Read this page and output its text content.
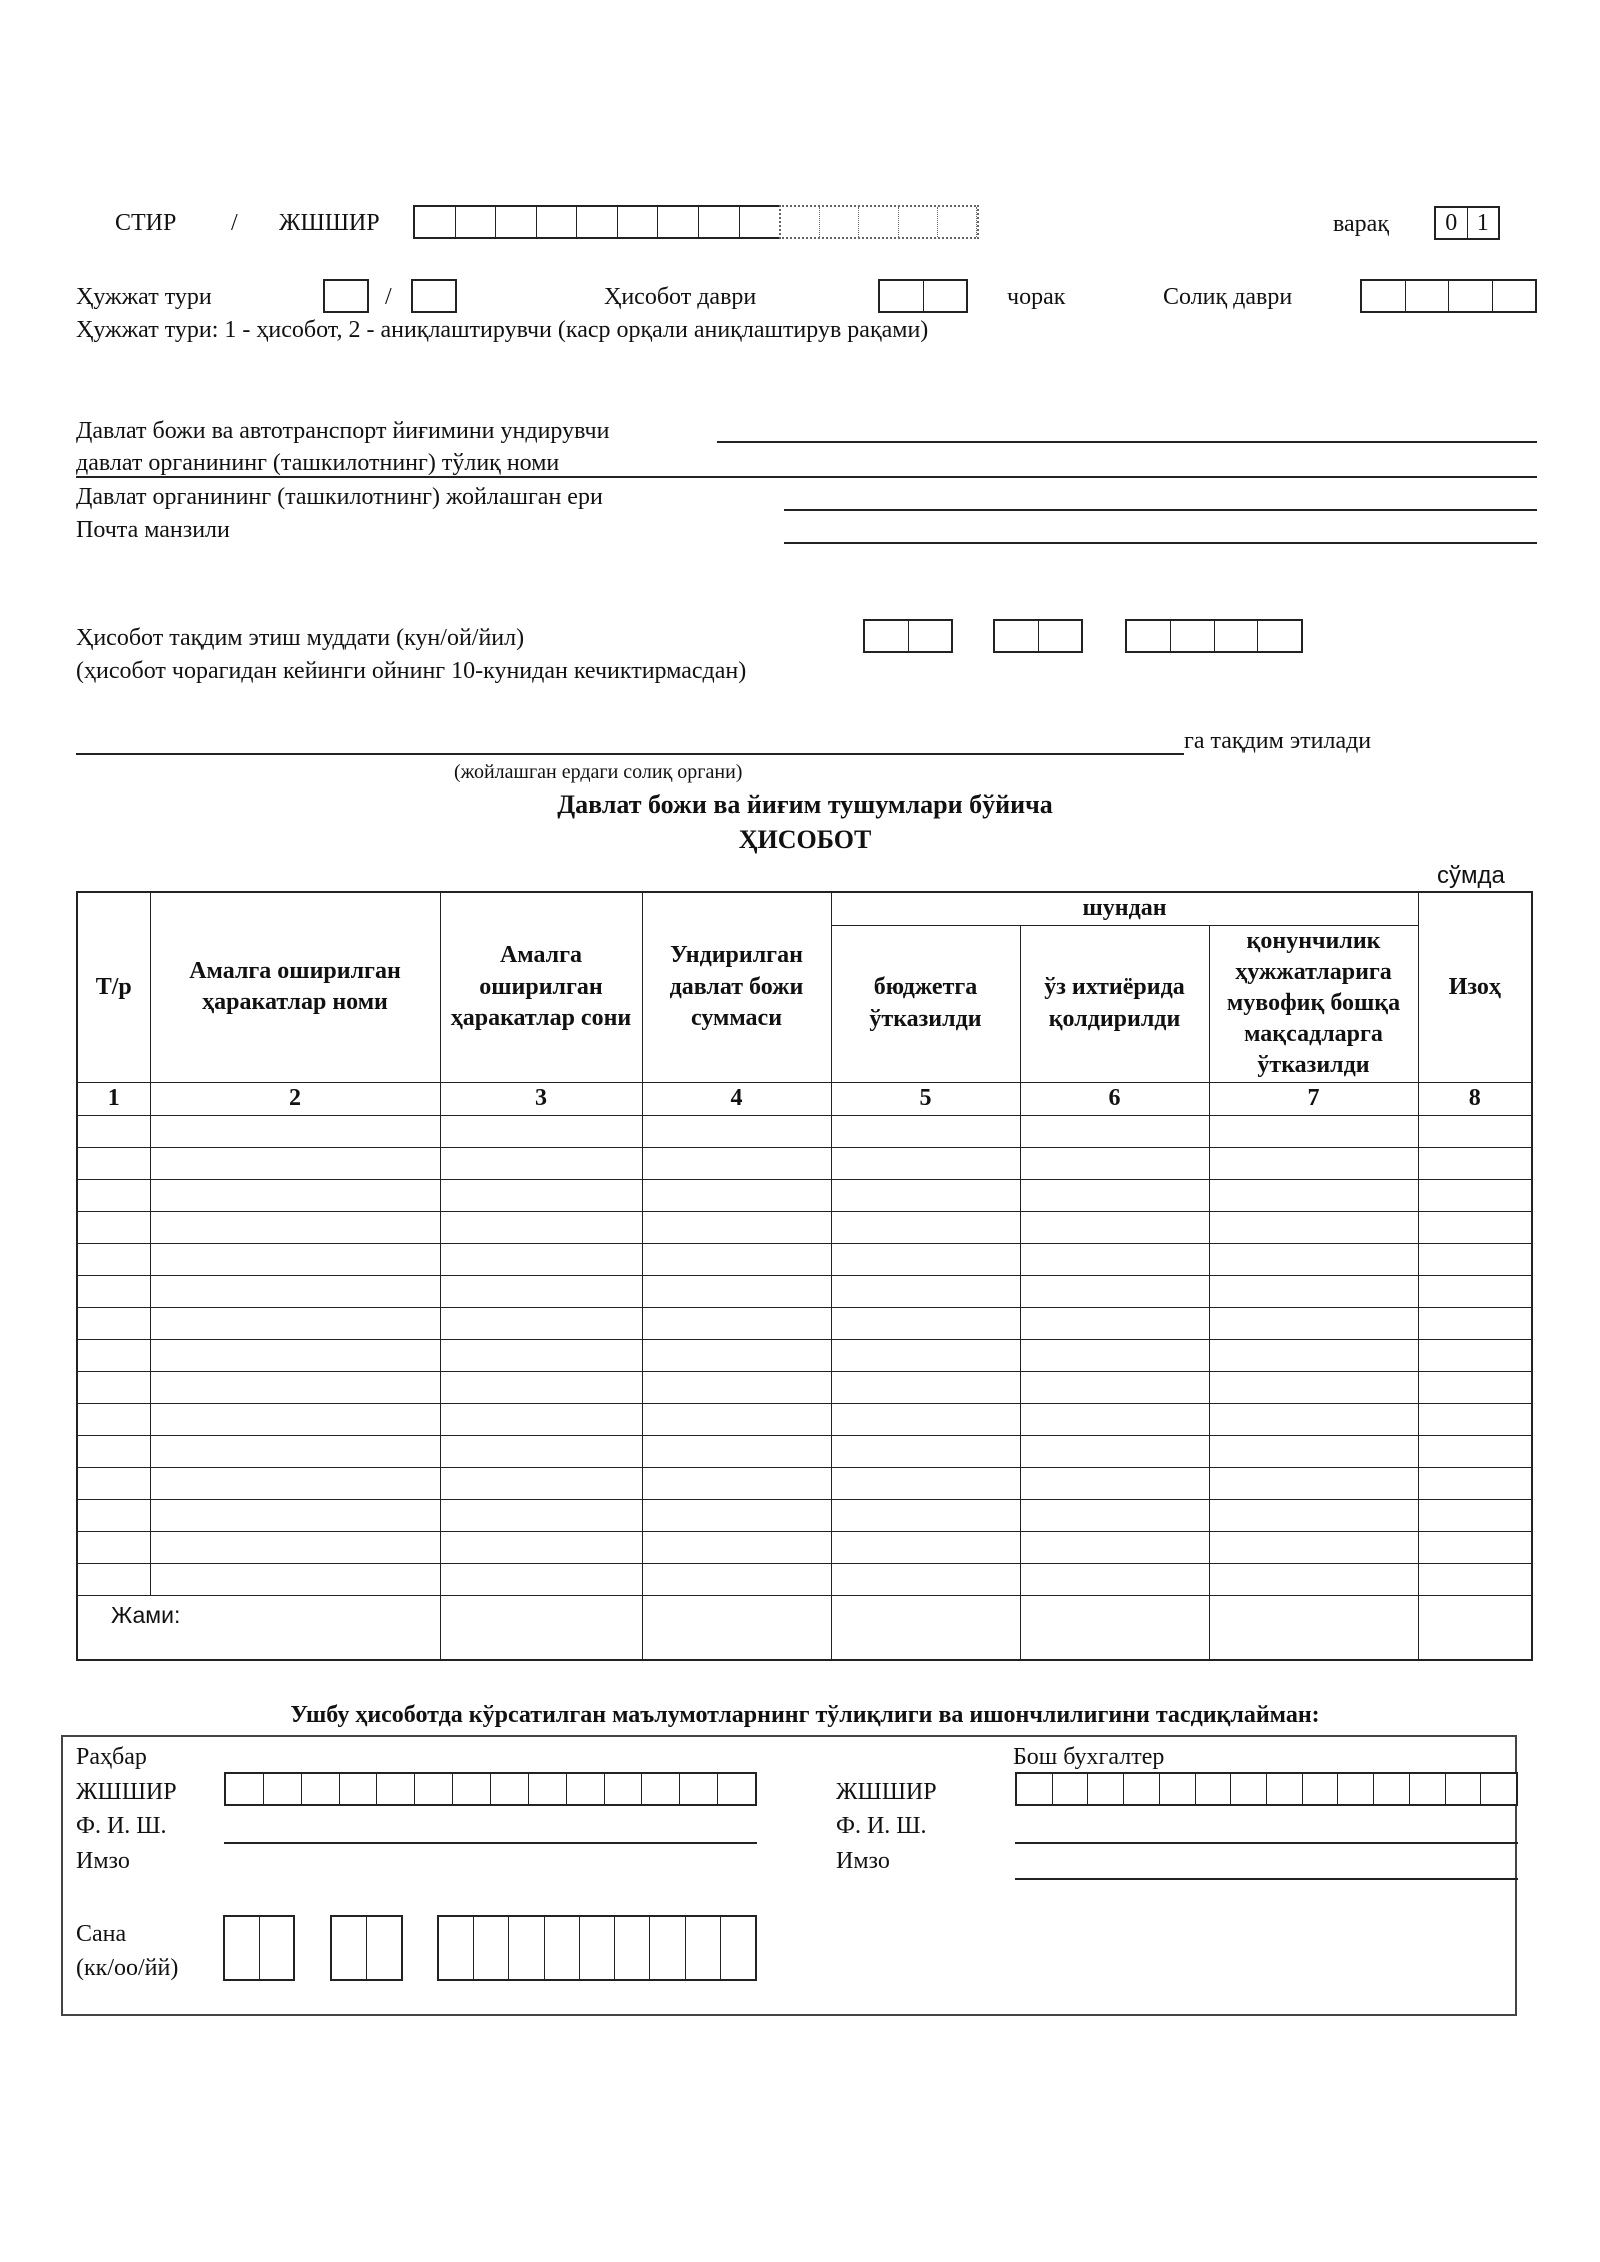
СТИР / ЖШШИР	варақ	0 1
Ҳужжат тури	/	Ҳисобот даври	чорак	Солиқ даври
Ҳужжат тури: 1 - ҳисобот, 2 - аниқлаштирувчи (каср орқали аниқлаштирув рақами)
Давлат божи ва автотранспорт йиғимини ундирувчи
давлат органининг (ташкилотнинг) тўлиқ номи
Давлат органининг (ташкилотнинг) жойлашган ери
Почта манзили
Ҳисобот тақдим этиш муддати (кун/ой/йил)
(ҳисобот чорагидан кейинги ойнинг 10-кунидан кечиктирмасдан)
га тақдим этилади
(жойлашган ердаги солиқ органи)
Давлат божи ва йиғим тушумлари бўйича
ҲИСОБОТ
сўмда
Т/р	Амалга оширилган ҳаракатлар номи	Амалга оширилган ҳаракатлар сони	Ундирилган давлат божи суммаси	шундан			Изоҳ
				бюджетга ўтказилди	ўз ихтиёрида қолдирилди	қонунчилик ҳужжатларига мувофиқ бошқа мақсадларга ўтказилди	
1	2	3	4	5	6	7	8

Жами:							
Ушбу ҳисоботда кўрсатилган маълумотларнинг тўлиқлиги ва ишончлилигини тасдиқлайман:
Раҳбар	Бош бухгалтер
ЖШШИР	ЖШШИР
Ф. И. Ш.	Ф. И. Ш.
Имзо	Имзо
Сана
(кк/оо/йй)
